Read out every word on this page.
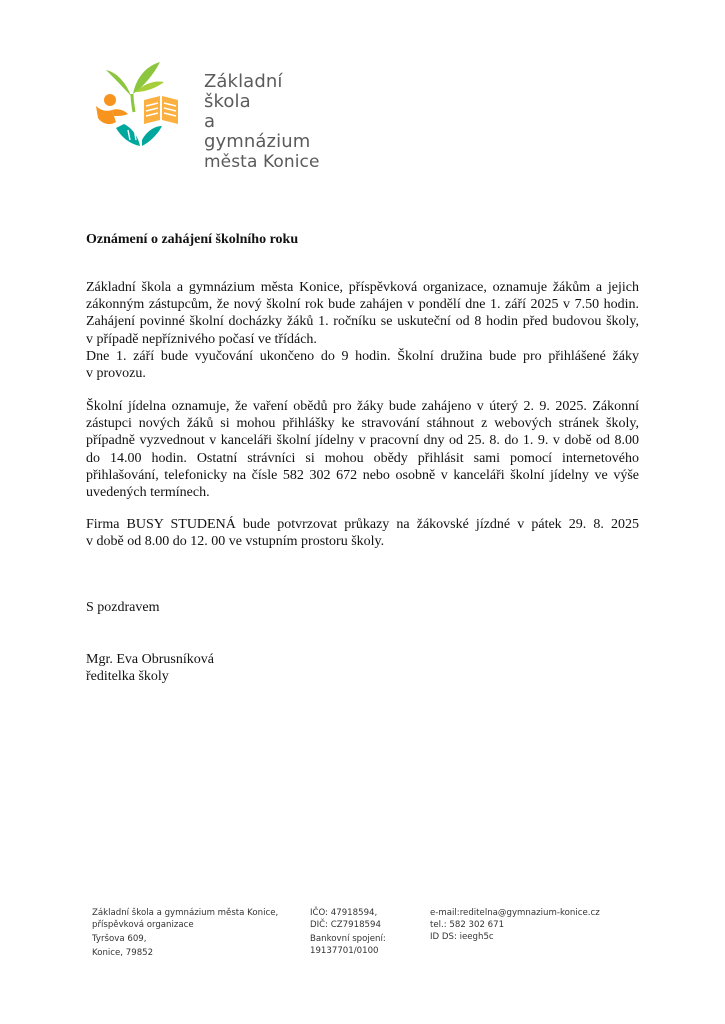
Základní škola
a gymnázium
města Konice
Oznámení o zahájení školního roku
Základní škola a gymnázium města Konice, příspěvková organizace, oznamuje žákům a jejich
zákonným zástupcům, že nový školní rok bude zahájen v pondělí dne 1. září 2025 v 7.50 hodin.
Zahájení povinné školní docházky žáků 1. ročníku se uskuteční od 8 hodin před budovou školy,
v případě nepříznivého počasí ve třídách.
Dne 1. září bude vyučování ukončeno do 9 hodin. Školní družina bude pro přihlášené žáky
v provozu.
Školní jídelna oznamuje, že vaření obědů pro žáky bude zahájeno v úterý 2. 9. 2025. Zákonní
zástupci nových žáků si mohou přihlášky ke stravování stáhnout z webových stránek školy,
případně vyzvednout v kanceláři školní jídelny v pracovní dny od 25. 8. do 1. 9. v době od 8.00
do 14.00 hodin. Ostatní strávníci si mohou obědy přihlásit sami pomocí internetového
přihlašování, telefonicky na čísle 582 302 672 nebo osobně v kanceláři školní jídelny ve výše
uvedených termínech.
Firma BUSY STUDENÁ bude potvrzovat průkazy na žákovské jízdné v pátek 29. 8. 2025
v době od 8.00 do 12. 00 ve vstupním prostoru školy.
S pozdravem
Mgr. Eva Obrusníková
ředitelka školy
Základní škola a gymnázium města Konice,
příspěvková organizace
Tyršova 609,
Konice, 79852
IČO: 47918594,
DIČ: CZ7918594
Bankovní spojení:
19137701/0100
e-mail:reditelna@gymnazium-konice.cz
tel.: 582 302 671
ID DS: ieegh5c
